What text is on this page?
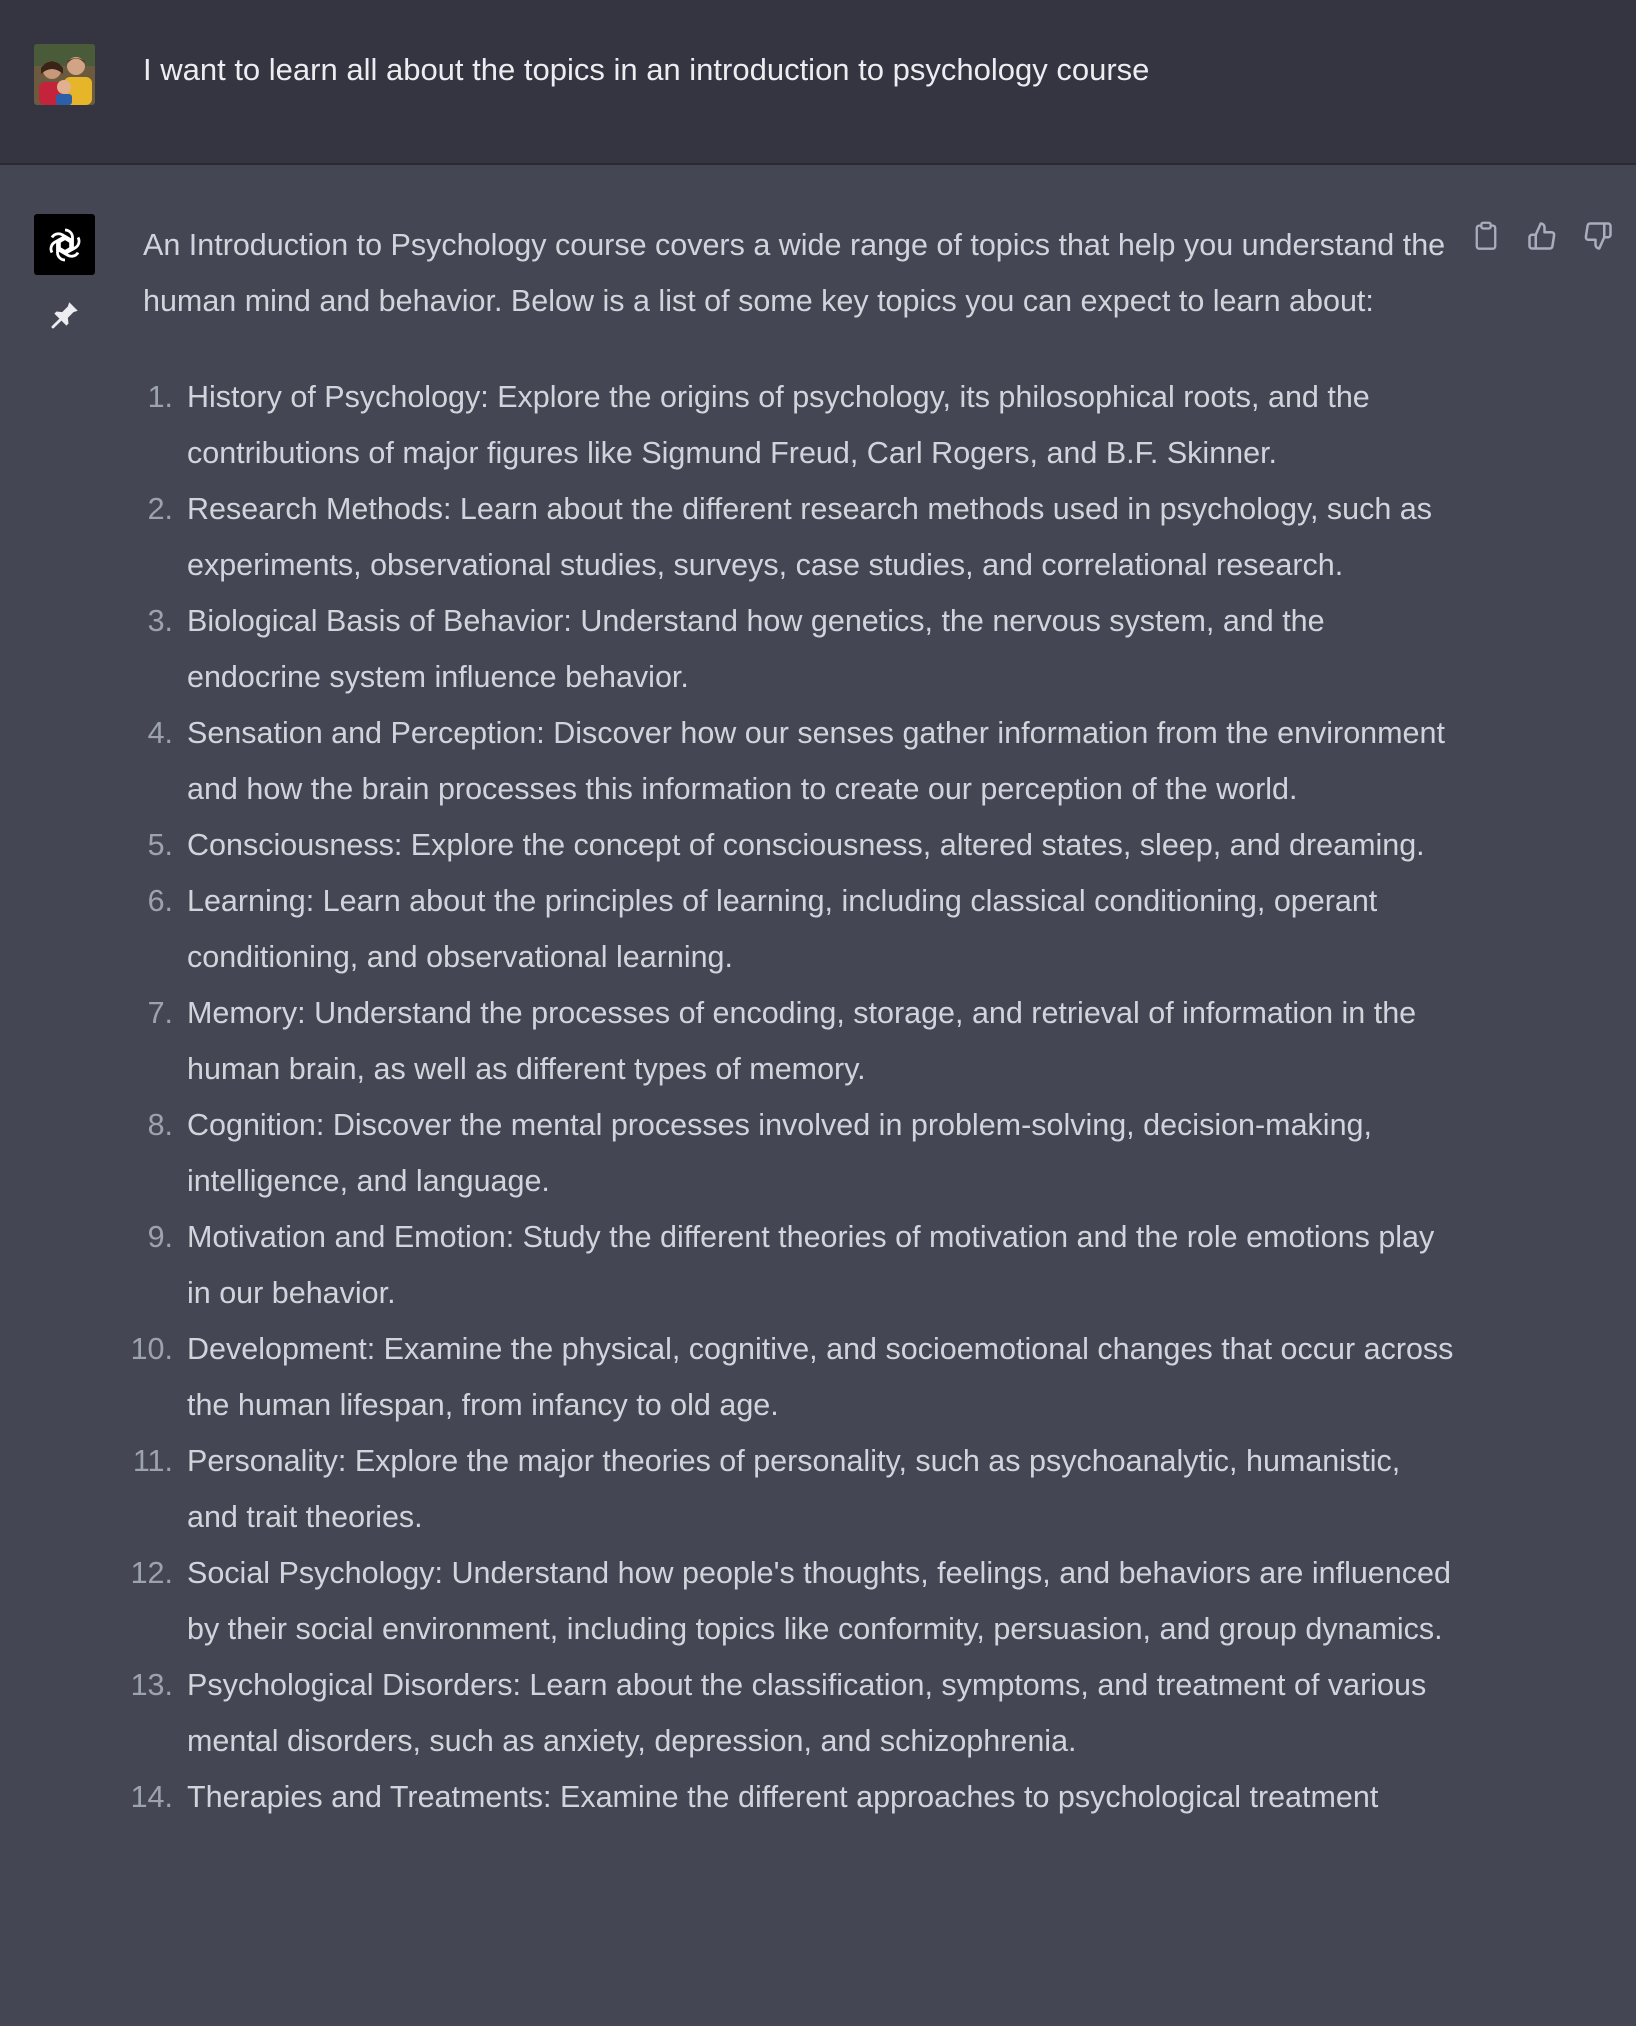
I want to learn all about the topics in an introduction to psychology course

An Introduction to Psychology course covers a wide range of topics that help you understand the human mind and behavior. Below is a list of some key topics you can expect to learn about:

1. History of Psychology: Explore the origins of psychology, its philosophical roots, and the contributions of major figures like Sigmund Freud, Carl Rogers, and B.F. Skinner.
2. Research Methods: Learn about the different research methods used in psychology, such as experiments, observational studies, surveys, case studies, and correlational research.
3. Biological Basis of Behavior: Understand how genetics, the nervous system, and the endocrine system influence behavior.
4. Sensation and Perception: Discover how our senses gather information from the environment and how the brain processes this information to create our perception of the world.
5. Consciousness: Explore the concept of consciousness, altered states, sleep, and dreaming.
6. Learning: Learn about the principles of learning, including classical conditioning, operant conditioning, and observational learning.
7. Memory: Understand the processes of encoding, storage, and retrieval of information in the human brain, as well as different types of memory.
8. Cognition: Discover the mental processes involved in problem-solving, decision-making, intelligence, and language.
9. Motivation and Emotion: Study the different theories of motivation and the role emotions play in our behavior.
10. Development: Examine the physical, cognitive, and socioemotional changes that occur across the human lifespan, from infancy to old age.
11. Personality: Explore the major theories of personality, such as psychoanalytic, humanistic, and trait theories.
12. Social Psychology: Understand how people's thoughts, feelings, and behaviors are influenced by their social environment, including topics like conformity, persuasion, and group dynamics.
13. Psychological Disorders: Learn about the classification, symptoms, and treatment of various mental disorders, such as anxiety, depression, and schizophrenia.
14. Therapies and Treatments: Examine the different approaches to psychological treatment
